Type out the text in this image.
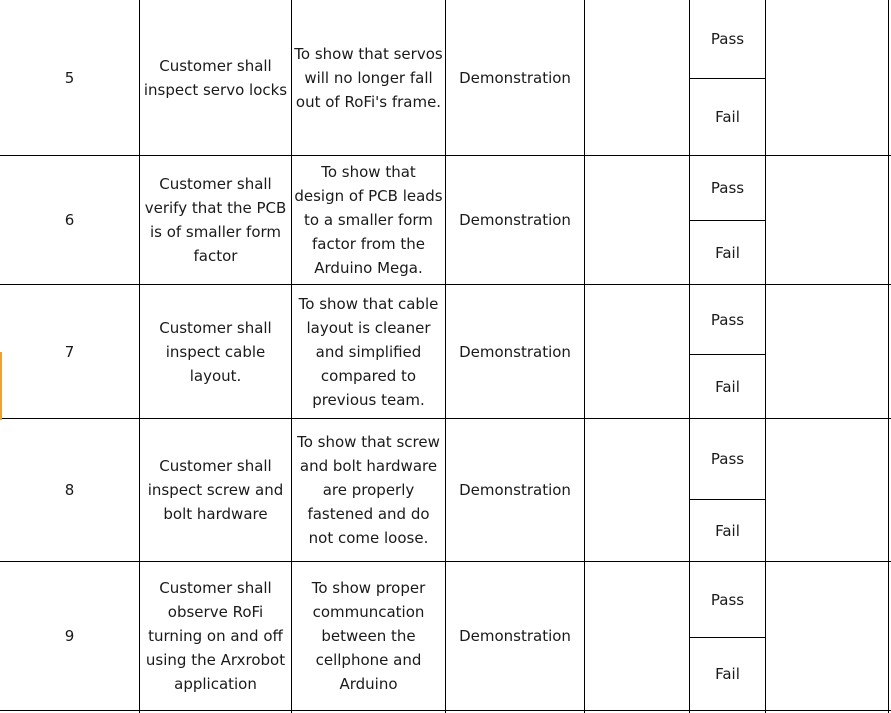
5
Customer shall inspect servo locks
To show that servos will no longer fall out of RoFi's frame.
Demonstration
Pass
Fail
6
Customer shall verify that the PCB is of smaller form factor
To show that design of PCB leads to a smaller form factor from the Arduino Mega.
Demonstration
Pass
Fail
7
Customer shall inspect cable layout.
To show that cable layout is cleaner and simplified compared to previous team.
Demonstration
Pass
Fail
8
Customer shall inspect screw and bolt hardware
To show that screw and bolt hardware are properly fastened and do not come loose.
Demonstration
Pass
Fail
9
Customer shall observe RoFi turning on and off using the Arxrobot application
To show proper communcation between the cellphone and Arduino
Demonstration
Pass
Fail
